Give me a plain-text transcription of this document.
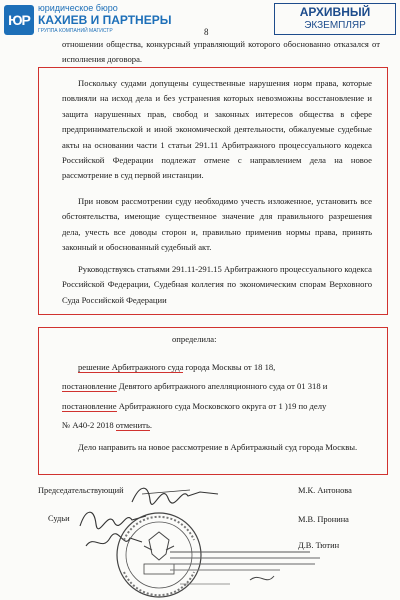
ЮР
юридическое бюро
КАХИЕВ И ПАРТНЕРЫ
ГРУППА КОМПАНИЙ МАГИСТР
АРХИВНЫЙ
ЭКЗЕМПЛЯР
8
отношении общества, конкурсный управляющий которого обоснованно отказался от исполнения договора.
Поскольку судами допущены существенные нарушения норм права, которые повлияли на исход дела и без устранения которых невозможны восстановление и защита нарушенных прав, свобод и законных интересов общества в сфере предпринимательской и иной экономической деятельности, обжалуемые судебные акты на основании части 1 статьи 291.11 Арбитражного процессуального кодекса Российской Федерации подлежат отмене с направлением дела на новое рассмотрение в суд первой инстанции.
При новом рассмотрении суду необходимо учесть изложенное, установить все обстоятельства, имеющие существенное значение для правильного разрешения дела, учесть все доводы сторон и, правильно применив нормы права, принять законный и обоснованный судебный акт.
Руководствуясь статьями 291.11-291.15 Арбитражного процессуального кодекса Российской Федерации, Судебная коллегия по экономическим спорам Верховного Суда Российской Федерации
определила:
решение Арбитражного суда города Москвы от 18 18,
постановление Девятого арбитражного апелляционного суда от 01 318 и
постановление Арбитражного суда Московского округа от 1 )19 по делу
№ А40-2 2018 отменить.
Дело направить на новое рассмотрение в Арбитражный суд города Москвы.
Председательствующий
Судьи
М.К. Антонова
М.В. Пронина
Д.В. Тютин
